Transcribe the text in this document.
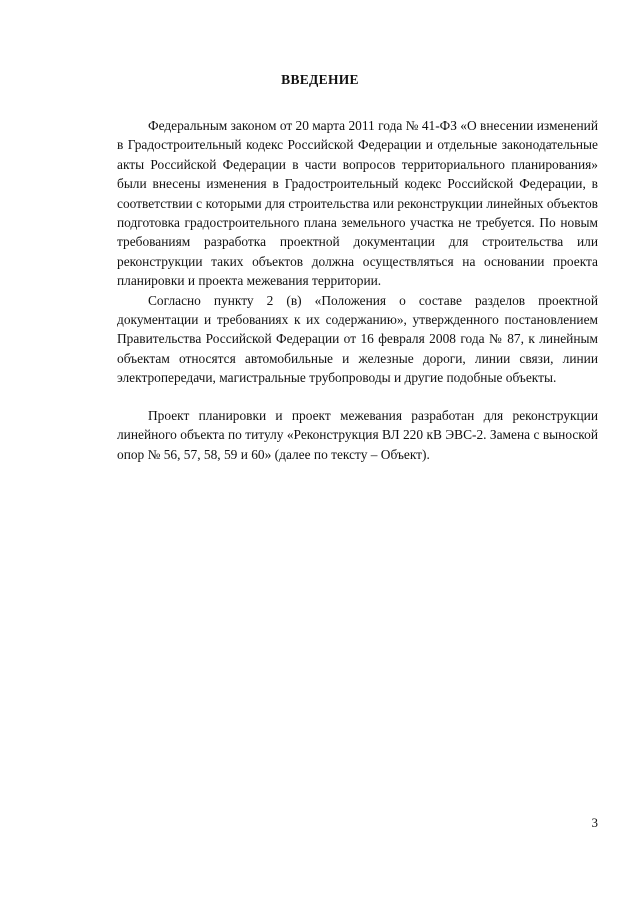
ВВЕДЕНИЕ

Федеральным законом от 20 марта 2011 года № 41-ФЗ «О внесении изменений в Градостроительный кодекс Российской Федерации и отдельные законодательные акты Российской Федерации в части вопросов территориального планирования» были внесены изменения в Градостроительный кодекс Российской Федерации, в соответствии с которыми для строительства или реконструкции линейных объектов подготовка градостроительного плана земельного участка не требуется. По новым требованиям разработка проектной документации для строительства или реконструкции таких объектов должна осуществляться на основании проекта планировки и проекта межевания территории.

Согласно пункту 2 (в) «Положения о составе разделов проектной документации и требованиях к их содержанию», утвержденного постановлением Правительства Российской Федерации от 16 февраля 2008 года № 87, к линейным объектам относятся автомобильные и железные дороги, линии связи, линии электропередачи, магистральные трубопроводы и другие подобные объекты.

Проект планировки и проект межевания разработан для реконструкции линейного объекта по титулу «Реконструкция ВЛ 220 кВ ЭВС-2. Замена с выноской опор № 56, 57, 58, 59 и 60» (далее по тексту – Объект).

3
